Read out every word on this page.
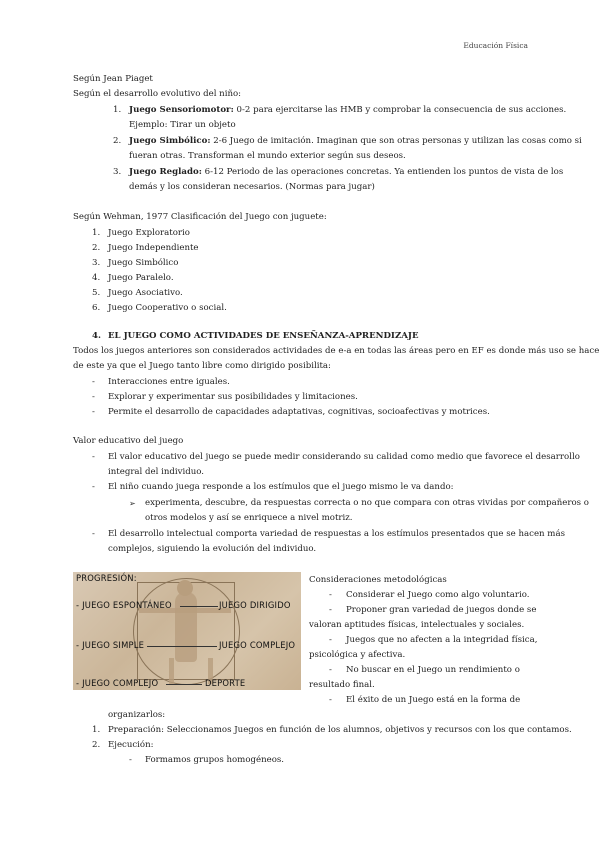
Educación Física
Según Jean Piaget
Según el desarrollo evolutivo del niño:
1. Juego Sensoriomotor: 0-2 para ejercitarse las HMB y comprobar la consecuencia de sus acciones.
Ejemplo: Tirar un objeto
2. Juego Simbólico: 2-6 Juego de imitación. Imaginan que son otras personas y utilizan las cosas como si
fueran otras. Transforman el mundo exterior según sus deseos.
3. Juego Reglado: 6-12 Periodo de las operaciones concretas. Ya entienden los puntos de vista de los
demás y los consideran necesarios. (Normas para jugar)
Según Wehman, 1977 Clasificación del Juego con juguete:
1. Juego Exploratorio
2. Juego Independiente
3. Juego Simbólico
4. Juego Paralelo.
5. Juego Asociativo.
6. Juego Cooperativo o social.
4. EL JUEGO COMO ACTIVIDADES DE ENSEÑANZA-APRENDIZAJE
Todos los juegos anteriores son considerados actividades de e-a en todas las áreas pero en EF es donde más uso se hace
de este ya que el Juego tanto libre como dirigido posibilita:
- Interacciones entre iguales.
- Explorar y experimentar sus posibilidades y limitaciones.
- Permite el desarrollo de capacidades adaptativas, cognitivas, socioafectivas y motrices.
Valor educativo del juego
- El valor educativo del juego se puede medir considerando su calidad como medio que favorece el desarrollo
integral del individuo.
- El niño cuando juega responde a los estímulos que el juego mismo le va dando:
➢ experimenta, descubre, da respuestas correcta o no que compara con otras vividas por compañeros o
otros modelos y así se enriquece a nivel motriz.
- El desarrollo intelectual comporta variedad de respuestas a los estímulos presentados que se hacen más
complejos, siguiendo la evolución del individuo.
PROGRESIÓN:
- JUEGO ESPONTÁNEO	JUEGO DIRIGIDO
- JUEGO SIMPLE	JUEGO COMPLEJO
- JUEGO COMPLEJO	DEPORTE
Consideraciones metodológicas
- Considerar el Juego como algo voluntario.
- Proponer gran variedad de juegos donde se
valoran aptitudes físicas, intelectuales y sociales.
- Juegos que no afecten a la integridad física,
psicológica y afectiva.
- No buscar en el Juego un rendimiento o
resultado final.
- El éxito de un Juego está en la forma de
organizarlos:
1. Preparación: Seleccionamos Juegos en función de los alumnos, objetivos y recursos con los que contamos.
2. Ejecución:
- Formamos grupos homogéneos.
